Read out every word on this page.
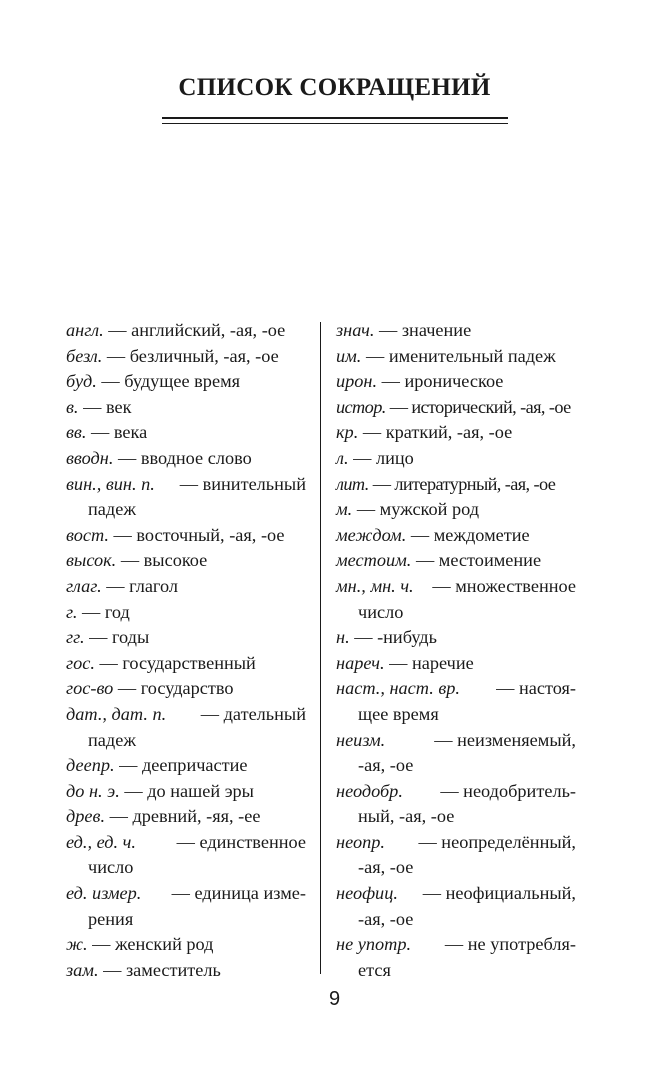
СПИСОК СОКРАЩЕНИЙ
англ. — английский, -ая, -ое
безл. — безличный, -ая, -ое
буд. — будущее время
в. — век
вв. — века
вводн. — вводное слово
вин., вин. п. — винительный
падеж
вост. — восточный, -ая, -ое
высок. — высокое
глаг. — глагол
г. — год
гг. — годы
гос. — государственный
гос-во — государство
дат., дат. п. — дательный
падеж
деепр. — деепричастие
до н. э. — до нашей эры
древ. — древний, -яя, -ее
ед., ед. ч. — единственное
число
ед. измер. — единица изме-
рения
ж. — женский род
зам. — заместитель
знач. — значение
им. — именительный падеж
ирон. — ироническое
истор. — исторический, -ая, -ое
кр. — краткий, -ая, -ое
л. — лицо
лит. — литературный, -ая, -ое
м. — мужской род
междом. — междометие
местоим. — местоимение
мн., мн. ч. — множественное
число
н. — -нибудь
нареч. — наречие
наст., наст. вр. — настоя-
щее время
неизм.	— неизменяемый,
-ая, -ое
неодобр. — неодобритель-
ный, -ая, -ое
неопр. — неопределённый,
-ая, -ое
неофиц. — неофициальный,
-ая, -ое
не употр. — не употребля-
ется
9
